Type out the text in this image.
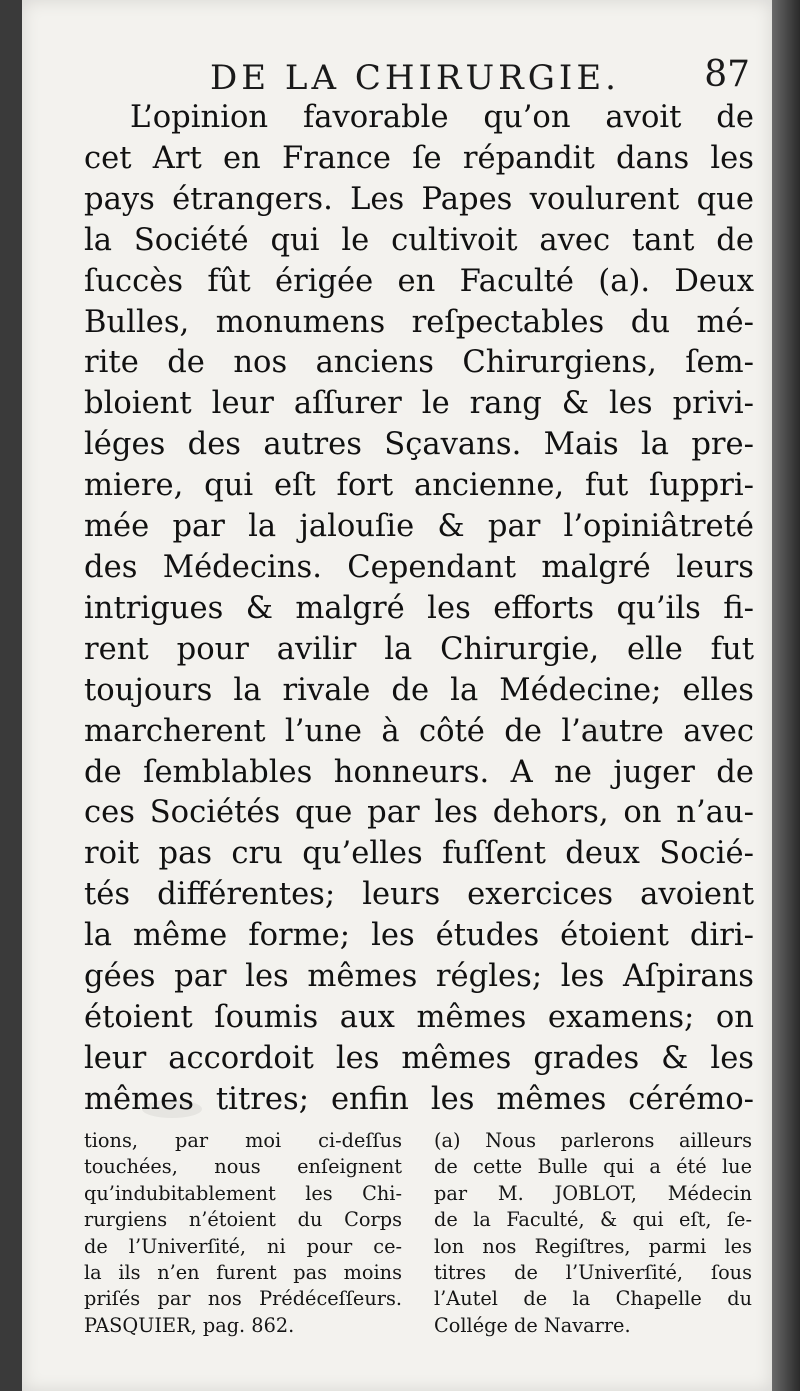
DE LA CHIRURGIE. 87
L’opinion favorable qu’on avoit de
cet Art en France ſe répandit dans les
pays étrangers. Les Papes voulurent que
la Société qui le cultivoit avec tant de
ſuccès fût érigée en Faculté (a). Deux
Bulles, monumens reſpectables du mé-
rite de nos anciens Chirurgiens, ſem-
bloient leur aſſurer le rang & les privi-
léges des autres Sçavans. Mais la pre-
miere, qui eſt fort ancienne, fut ſuppri-
mée par la jalouſie & par l’opiniâtreté
des Médecins. Cependant malgré leurs
intrigues & malgré les efforts qu’ils fi-
rent pour avilir la Chirurgie, elle fut
toujours la rivale de la Médecine; elles
marcherent l’une à côté de l’autre avec
de ſemblables honneurs. A ne juger de
ces Sociétés que par les dehors, on n’au-
roit pas cru qu’elles fuſſent deux Socié-
tés différentes; leurs exercices avoient
la même forme; les études étoient diri-
gées par les mêmes régles; les Aſpirans
étoient ſoumis aux mêmes examens; on
leur accordoit les mêmes grades & les
mêmes titres; enfin les mêmes cérémo-
tions, par moi ci-deſſus
touchées, nous enſeignent
qu’indubitablement les Chi-
rurgiens n’étoient du Corps
de l’Univerſité, ni pour ce-
la ils n’en furent pas moins
priſés par nos Prédéceſſeurs.
PASQUIER, pag. 862.
(a) Nous parlerons ailleurs
de cette Bulle qui a été lue
par M. JOBLOT, Médecin
de la Faculté, & qui eſt, ſe-
lon nos Regiſtres, parmi les
titres de l’Univerſité, ſous
l’Autel de la Chapelle du
Collége de Navarre.
